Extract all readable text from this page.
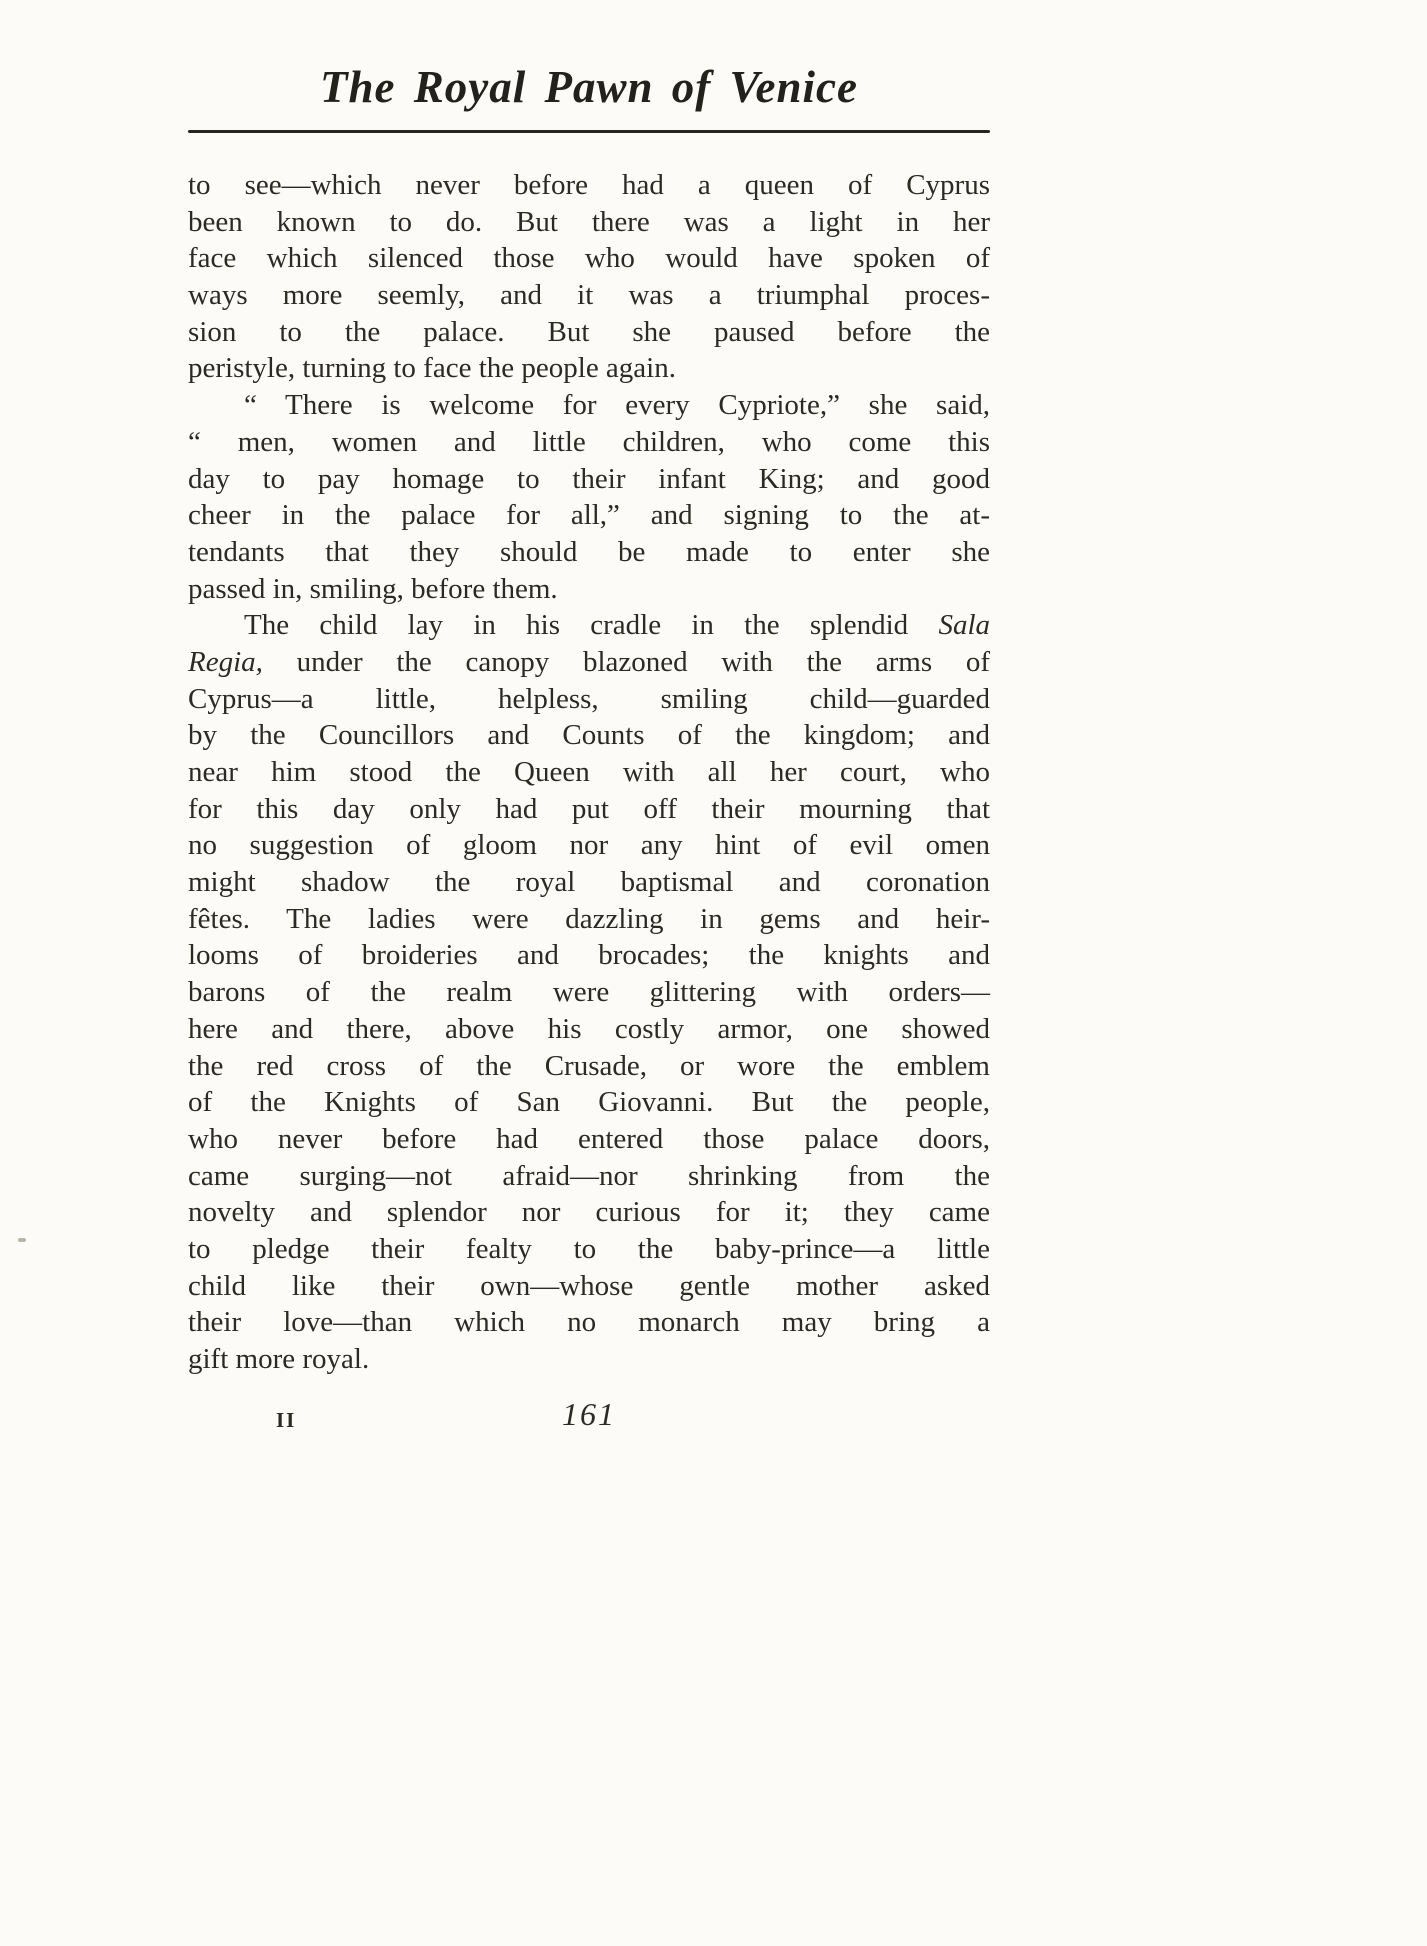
The Royal Pawn of Venice
to see—which never before had a queen of Cyprus
been known to do. But there was a light in her
face which silenced those who would have spoken of
ways more seemly, and it was a triumphal proces-
sion to the palace. But she paused before the
peristyle, turning to face the people again.
“ There is welcome for every Cypriote,” she said,
“ men, women and little children, who come this
day to pay homage to their infant King; and good
cheer in the palace for all,” and signing to the at-
tendants that they should be made to enter she
passed in, smiling, before them.
The child lay in his cradle in the splendid Sala
Regia, under the canopy blazoned with the arms of
Cyprus—a little, helpless, smiling child—guarded
by the Councillors and Counts of the kingdom; and
near him stood the Queen with all her court, who
for this day only had put off their mourning that
no suggestion of gloom nor any hint of evil omen
might shadow the royal baptismal and coronation
fêtes. The ladies were dazzling in gems and heir-
looms of broideries and brocades; the knights and
barons of the realm were glittering with orders—
here and there, above his costly armor, one showed
the red cross of the Crusade, or wore the emblem
of the Knights of San Giovanni. But the people,
who never before had entered those palace doors,
came surging—not afraid—nor shrinking from the
novelty and splendor nor curious for it; they came
to pledge their fealty to the baby-prince—a little
child like their own—whose gentle mother asked
their love—than which no monarch may bring a
gift more royal.
II	161
